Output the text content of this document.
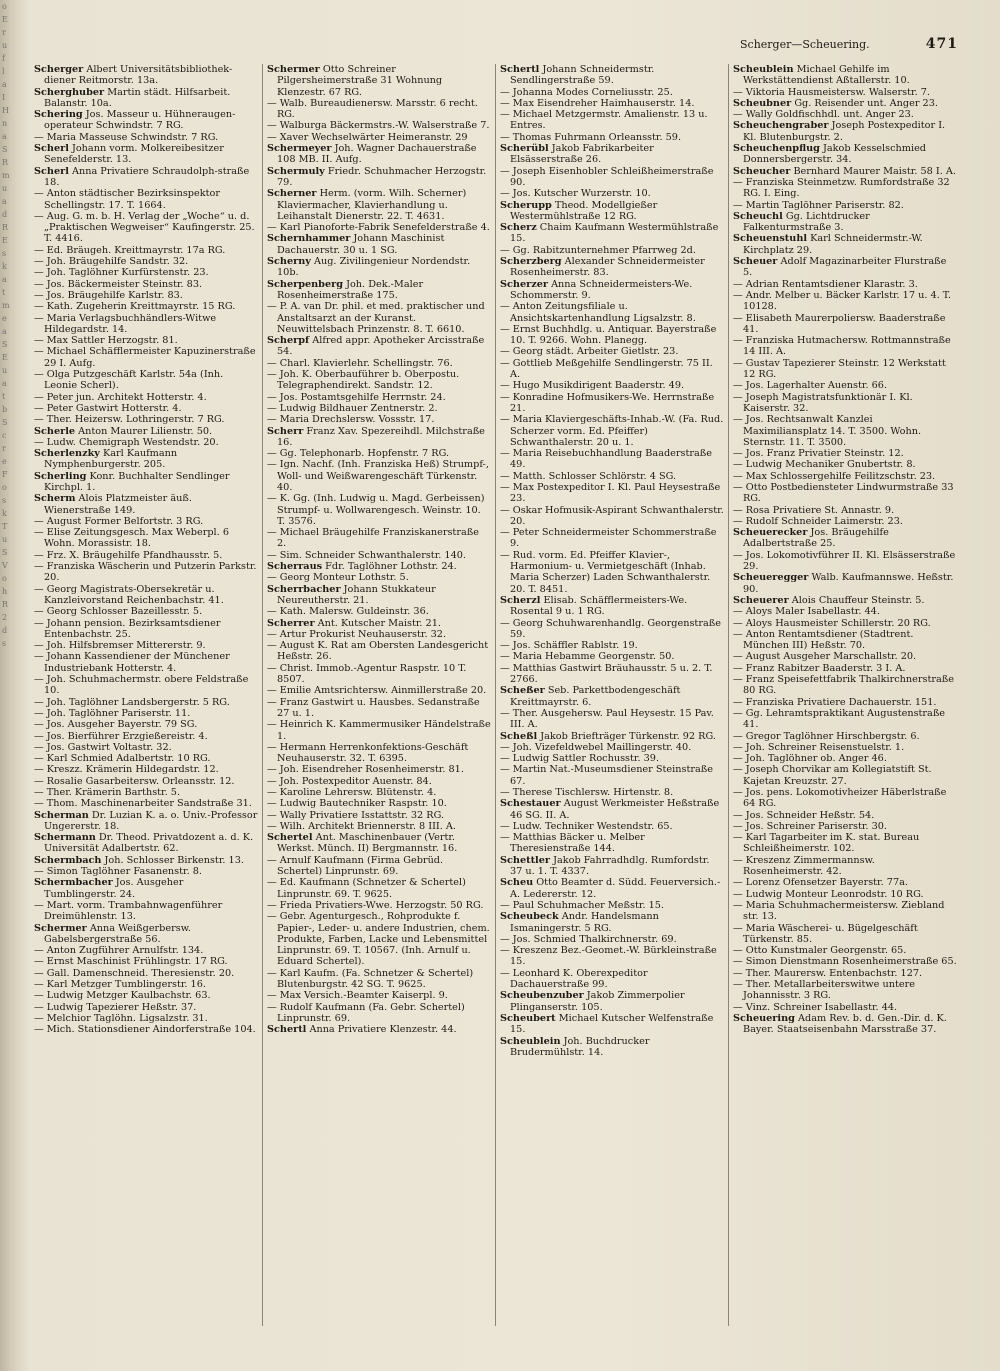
o
E
r
u
f
l
a
I
H
n
a
S
R
m
u
a
d
R
E
s
k
a
t
m
e
a
S
E
u
a
t
b
S
c
r
e
F
o
s
k
T
u
S
V
o
h
R
2
d
s
Scherger—Scheuering.	471

Scherger Albert Universitätsbibliothek-diener Reitmorstr. 13a.

Scherghuber Martin städt. Hilfsarbeit. Balanstr. 10a.

Schering Jos. Masseur u. Hühneraugen-operateur Schwindstr. 7 RG.

— Maria Masseuse Schwindstr. 7 RG.

Scherl Johann vorm. Molkereibesitzer Senefelderstr. 13.

Scherl Anna Privatiere Schraudolph-straße 18.

— Anton städtischer Bezirksinspektor Schellingstr. 17. T. 1664.

— Aug. G. m. b. H. Verlag der „Woche“ u. d. „Praktischen Wegweiser“ Kaufingerstr. 25. T. 4416.

— Ed. Bräugeh. Kreittmayrstr. 17a RG.

— Joh. Bräugehilfe Sandstr. 32.

— Joh. Taglöhner Kurfürstenstr. 23.

— Jos. Bäckermeister Steinstr. 83.

— Jos. Bräugehilfe Karlstr. 83.

— Kath. Zugeherin Kreittmayrstr. 15 RG.

— Maria Verlagsbuchhändlers-Witwe Hildegardstr. 14.

— Max Sattler Herzogstr. 81.

— Michael Schäfflermeister Kapuzinerstraße 29 I. Aufg.

— Olga Putzgeschäft Karlstr. 54a (Inh. Leonie Scherl).

— Peter jun. Architekt Hotterstr. 4.

— Peter Gastwirt Hotterstr. 4.

— Ther. Heizersw. Lothringerstr. 7 RG.

Scherle Anton Maurer Lilienstr. 50.

— Ludw. Chemigraph Westendstr. 20.

Scherlenzky Karl Kaufmann Nymphenburgerstr. 205.

Scherling Konr. Buchhalter Sendlinger Kirchpl. 1.

Scherm Alois Platzmeister äuß. Wienerstraße 149.

— August Former Belfortstr. 3 RG.

— Elise Zeitungsgesch. Max Weberpl. 6 Wohn. Morassistr. 18.

— Frz. X. Bräugehilfe Pfandhausstr. 5.

— Franziska Wäscherin und Putzerin Parkstr. 20.

— Georg Magistrats-Obersekretär u. Kanzleivorstand Reichenbachstr. 41.

— Georg Schlosser Bazeillesstr. 5.

— Johann pension. Bezirksamtsdiener Entenbachstr. 25.

— Joh. Hilfsbremser Mittererstr. 9.

— Johann Kassendiener der Münchener Industriebank Hotterstr. 4.

— Joh. Schuhmachermstr. obere Feldstraße 10.

— Joh. Taglöhner Landsbergerstr. 5 RG.

— Joh. Taglöhner Pariserstr. 11.

— Jos. Ausgeher Bayerstr. 79 SG.

— Jos. Bierführer Erzgießereistr. 4.

— Jos. Gastwirt Voltastr. 32.

— Karl Schmied Adalbertstr. 10 RG.

— Kreszz. Krämerin Hildegardstr. 12.

— Rosalie Gasarbeitersw. Orleansstr. 12.

— Ther. Krämerin Barthstr. 5.

— Thom. Maschinenarbeiter Sandstraße 31.

Scherman Dr. Luzian K. a. o. Univ.-Professor Ungererstr. 18.

Schermann Dr. Theod. Privatdozent a. d. K. Universität Adalbertstr. 62.

Schermbach Joh. Schlosser Birkenstr. 13.

— Simon Taglöhner Fasanenstr. 8.

Schermbacher Jos. Ausgeher Tumblingerstr. 24.

— Mart. vorm. Trambahnwagenführer Dreimühlenstr. 13.

Schermer Anna Weißgerbersw. Gabelsbergerstraße 56.

— Anton Zugführer Arnulfstr. 134.

— Ernst Maschinist Frühlingstr. 17 RG.

— Gall. Damenschneid. Theresienstr. 20.

— Karl Metzger Tumblingerstr. 16.

— Ludwig Metzger Kaulbachstr. 63.

— Ludwig Tapezierer Heßstr. 37.

— Melchior Taglöhn. Ligsalzstr. 31.

— Mich. Stationsdiener Aindorferstraße 104.

Schermer Otto Schreiner Pilgersheimerstraße 31 Wohnung Klenzestr. 67 RG.

— Walb. Bureaudienersw. Marsstr. 6 recht. RG.

— Walburga Bäckermstrs.-W. Walserstraße 7.

— Xaver Wechselwärter Heimeranstr. 29

Schermeyer Joh. Wagner Dachauerstraße 108 MB. II. Aufg.

Schermuly Friedr. Schuhmacher Herzogstr. 79.

Scherner Herm. (vorm. Wilh. Scherner) Klaviermacher, Klavierhandlung u. Leihanstalt Dienerstr. 22. T. 4631.

— Karl Pianoforte-Fabrik Senefelderstraße 4.

Schernhammer Johann Maschinist Dachauerstr. 30 u. 1 SG.

Scherny Aug. Zivilingenieur Nordendstr. 10b.

Scherpenberg Joh. Dek.-Maler Rosenheimerstraße 175.

— P. A. van Dr. phil. et med. praktischer und Anstaltsarzt an der Kuranst. Neuwittelsbach Prinzenstr. 8. T. 6610.

Scherpf Alfred appr. Apotheker Arcisstraße 54.

— Charl. Klavierlehr. Schellingstr. 76.

— Joh. K. Oberbauführer b. Oberpostu. Telegraphendirekt. Sandstr. 12.

— Jos. Postamtsgehilfe Herrnstr. 24.

— Ludwig Bildhauer Zentnerstr. 2.

— Maria Drechslersw. Vossstr. 17.

Scherr Franz Xav. Spezereihdl. Milchstraße 16.

— Gg. Telephonarb. Hopfenstr. 7 RG.

— Ign. Nachf. (Inh. Franziska Heß) Strumpf-, Woll- und Weißwarengeschäft Türkenstr. 40.

— K. Gg. (Inh. Ludwig u. Magd. Gerbeissen) Strumpf- u. Wollwarengesch. Weinstr. 10. T. 3576.

— Michael Bräugehilfe Franziskanerstraße 2.

— Sim. Schneider Schwanthalerstr. 140.

Scherraus Fdr. Taglöhner Lothstr. 24.

— Georg Monteur Lothstr. 5.

Scherrbacher Johann Stukkateur Neureutherstr. 21.

— Kath. Malersw. Guldeinstr. 36.

Scherrer Ant. Kutscher Maistr. 21.

— Artur Prokurist Neuhauserstr. 32.

— August K. Rat am Obersten Landesgericht Heßstr. 26.

— Christ. Immob.-Agentur Raspstr. 10 T. 8507.

— Emilie Amtsrichtersw. Ainmillerstraße 20.

— Franz Gastwirt u. Hausbes. Sedanstraße 27 u. 1.

— Heinrich K. Kammermusiker Händelstraße 1.

— Hermann Herrenkonfektions-Geschäft Neuhauserstr. 32. T. 6395.

— Joh. Eisendreher Rosenheimerstr. 81.

— Joh. Postexpeditor Auenstr. 84.

— Karoline Lehrersw. Blütenstr. 4.

— Ludwig Bautechniker Raspstr. 10.

— Wally Privatiere Isstattstr. 32 RG.

— Wilh. Architekt Briennerstr. 8 III. A.

Schertel Ant. Maschinenbauer (Vertr. Werkst. Münch. II) Bergmannstr. 16.

— Arnulf Kaufmann (Firma Gebrüd. Schertel) Linprunstr. 69.

— Ed. Kaufmann (Schnetzer & Schertel) Linprunstr. 69. T. 9625.

— Frieda Privatiers-Wwe. Herzogstr. 50 RG.

— Gebr. Agenturgesch., Rohprodukte f. Papier-, Leder- u. andere Industrien, chem. Produkte, Farben, Lacke und Lebensmittel Linprunstr. 69. T. 10567. (Inh. Arnulf u. Eduard Schertel).

— Karl Kaufm. (Fa. Schnetzer & Schertel) Blutenburgstr. 42 SG. T. 9625.

— Max Versich.-Beamter Kaiserpl. 9.

— Rudolf Kaufmann (Fa. Gebr. Schertel) Linprunstr. 69.

Schertl Anna Privatiere Klenzestr. 44.

Schertl Johann Schneidermstr. Sendlingerstraße 59.

— Johanna Modes Corneliusstr. 25.

— Max Eisendreher Haimhauserstr. 14.

— Michael Metzgermstr. Amalienstr. 13 u. Entres.

— Thomas Fuhrmann Orleansstr. 59.

Scherübl Jakob Fabrikarbeiter Elsässerstraße 26.

— Joseph Eisenhobler Schleißheimerstraße 90.

— Jos. Kutscher Wurzerstr. 10.

Scherupp Theod. Modellgießer Westermühlstraße 12 RG.

Scherz Chaim Kaufmann Westermühlstraße 15.

— Gg. Rabitzunternehmer Pfarrweg 2d.

Scherzberg Alexander Schneidermeister Rosenheimerstr. 83.

Scherzer Anna Schneidermeisters-We. Schommerstr. 9.

— Anton Zeitungsfiliale u. Ansichtskartenhandlung Ligsalzstr. 8.

— Ernst Buchhdlg. u. Antiquar. Bayerstraße 10. T. 9266. Wohn. Planegg.

— Georg städt. Arbeiter Gietlstr. 23.

— Gottlieb Meßgehilfe Sendlingerstr. 75 II. A.

— Hugo Musikdirigent Baaderstr. 49.

— Konradine Hofmusikers-We. Herrnstraße 21.

— Maria Klaviergeschäfts-Inhab.-W. (Fa. Rud. Scherzer vorm. Ed. Pfeiffer) Schwanthalerstr. 20 u. 1.

— Maria Reisebuchhandlung Baaderstraße 49.

— Matth. Schlosser Schlörstr. 4 SG.

— Max Postexpeditor I. Kl. Paul Heysestraße 23.

— Oskar Hofmusik-Aspirant Schwanthalerstr. 20.

— Peter Schneidermeister Schommerstraße 9.

— Rud. vorm. Ed. Pfeiffer Klavier-, Harmonium- u. Vermietgeschäft (Inhab. Maria Scherzer) Laden Schwanthalerstr. 20. T. 8451.

Scherzl Elisab. Schäfflermeisters-We. Rosental 9 u. 1 RG.

— Georg Schuhwarenhandlg. Georgenstraße 59.

— Jos. Schäffler Rablstr. 19.

— Maria Hebamme Georgenstr. 50.

— Matthias Gastwirt Bräuhausstr. 5 u. 2. T. 2766.

Scheßer Seb. Parkettbodengeschäft Kreittmayrstr. 6.

— Ther. Ausgehersw. Paul Heysestr. 15 Pav. III. A.

Scheßl Jakob Briefträger Türkenstr. 92 RG.

— Joh. Vizefeldwebel Maillingerstr. 40.

— Ludwig Sattler Rochusstr. 39.

— Martin Nat.-Museumsdiener Steinstraße 67.

— Therese Tischlersw. Hirtenstr. 8.

Schestauer August Werkmeister Heßstraße 46 SG. II. A.

— Ludw. Techniker Westendstr. 65.

— Matthias Bäcker u. Melber Theresienstraße 144.

Schettler Jakob Fahrradhdlg. Rumfordstr. 37 u. 1. T. 4337.

Scheu Otto Beamter d. Südd. Feuerversich.-A. Ledererstr. 12.

— Paul Schuhmacher Meßstr. 15.

Scheubeck Andr. Handelsmann Ismaningerstr. 5 RG.

— Jos. Schmied Thalkirchnerstr. 69.

— Kreszenz Bez.-Geomet.-W. Bürkleinstraße 15.

— Leonhard K. Oberexpeditor Dachauerstraße 99.

Scheubenzuber Jakob Zimmerpolier Plinganserstr. 105.

Scheubert Michael Kutscher Welfenstraße 15.

Scheublein Joh. Buchdrucker Brudermühlstr. 14.

Scheublein Michael Gehilfe im Werkstättendienst Aßtallerstr. 10.

— Viktoria Hausmeistersw. Walserstr. 7.

Scheubner Gg. Reisender unt. Anger 23.

— Wally Goldfischhdl. unt. Anger 23.

Scheuchengraber Joseph Postexpeditor I. Kl. Blutenburgstr. 2.

Scheuchenpflug Jakob Kesselschmied Donnersbergerstr. 34.

Scheucher Bernhard Maurer Maistr. 58 I. A.

— Franziska Steinmetzw. Rumfordstraße 32 RG. I. Eing.

— Martin Taglöhner Pariserstr. 82.

Scheuchl Gg. Lichtdrucker Falkenturmstraße 3.

Scheuenstuhl Karl Schneidermstr.-W. Kirchplatz 29.

Scheuer Adolf Magazinarbeiter Flurstraße 5.

— Adrian Rentamtsdiener Klarastr. 3.

— Andr. Melber u. Bäcker Karlstr. 17 u. 4. T. 10128.

— Elisabeth Maurerpoliersw. Baaderstraße 41.

— Franziska Hutmachersw. Rottmannstraße 14 III. A.

— Gustav Tapezierer Steinstr. 12 Werkstatt 12 RG.

— Jos. Lagerhalter Auenstr. 66.

— Joseph Magistratsfunktionär I. Kl. Kaiserstr. 32.

— Jos. Rechtsanwalt Kanzlei Maximiliansplatz 14. T. 3500. Wohn. Sternstr. 11. T. 3500.

— Jos. Franz Privatier Steinstr. 12.

— Ludwig Mechaniker Gnubertstr. 8.

— Max Schlossergehilfe Feilitzschstr. 23.

— Otto Postbediensteter Lindwurmstraße 33 RG.

— Rosa Privatiere St. Annastr. 9.

— Rudolf Schneider Laimerstr. 23.

Scheuerecker Jos. Bräugehilfe Adalbertstraße 25.

— Jos. Lokomotivführer II. Kl. Elsässerstraße 29.

Scheueregger Walb. Kaufmannswe. Heßstr. 90.

Scheuerer Alois Chauffeur Steinstr. 5.

— Aloys Maler Isabellastr. 44.

— Aloys Hausmeister Schillerstr. 20 RG.

— Anton Rentamtsdiener (Stadtrent. München III) Heßstr. 70.

— August Ausgeher Marschallstr. 20.

— Franz Rabitzer Baaderstr. 3 I. A.

— Franz Speisefettfabrik Thalkirchnerstraße 80 RG.

— Franziska Privatiere Dachauerstr. 151.

— Gg. Lehramtspraktikant Augustenstraße 41.

— Gregor Taglöhner Hirschbergstr. 6.

— Joh. Schreiner Reisenstuelstr. 1.

— Joh. Taglöhner ob. Anger 46.

— Joseph Chorvikar am Kollegiatstift St. Kajetan Kreuzstr. 27.

— Jos. pens. Lokomotivheizer Häberlstraße 64 RG.

— Jos. Schneider Heßstr. 54.

— Jos. Schreiner Pariserstr. 30.

— Karl Tagarbeiter im K. stat. Bureau Schleißheimerstr. 102.

— Kreszenz Zimmermannsw. Rosenheimerstr. 42.

— Lorenz Ofensetzer Bayerstr. 77a.

— Ludwig Monteur Leonrodstr. 10 RG.

— Maria Schuhmachermeistersw. Ziebland str. 13.

— Maria Wäscherei- u. Bügelgeschäft Türkenstr. 85.

— Otto Kunstmaler Georgenstr. 65.

— Simon Dienstmann Rosenheimerstraße 65.

— Ther. Maurersw. Entenbachstr. 127.

— Ther. Metallarbeiterswitwe untere Johannisstr. 3 RG.

— Vinz. Schreiner Isabellastr. 44.

Scheuering Adam Rev. b. d. Gen.-Dir. d. K. Bayer. Staatseisenbahn Marsstraße 37.
